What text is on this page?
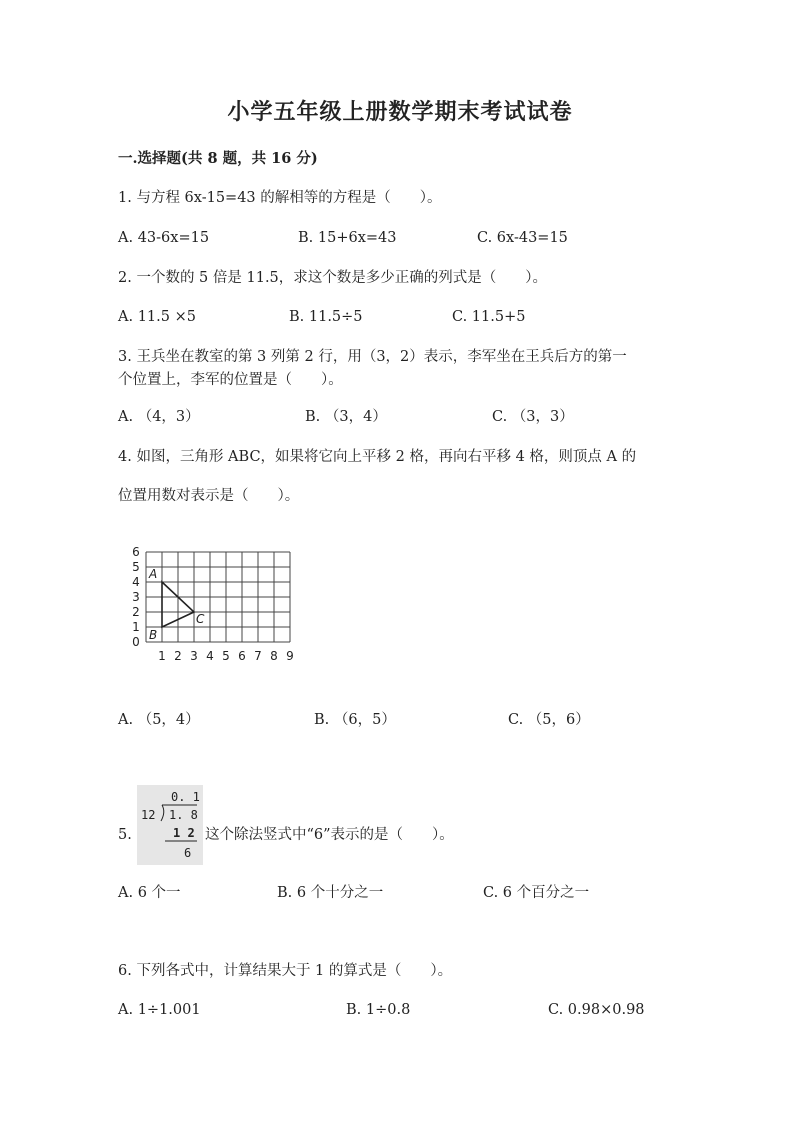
小学五年级上册数学期末考试试卷
一.选择题(共 8 题，共 16 分)
1. 与方程 6x-15=43 的解相等的方程是（　　）。
A. 43-6x=15	B. 15+6x=43	C. 6x-43=15
2. 一个数的 5 倍是 11.5，求这个数是多少正确的列式是（　　）。
A. 11.5 ×5	B. 11.5÷5	C. 11.5+5
3. 王兵坐在教室的第 3 列第 2 行，用（3，2）表示，李军坐在王兵后方的第一
个位置上，李军的位置是（　　）。
A. （4，3）	B. （3，4）	C. （3，3）
4. 如图，三角形 ABC，如果将它向上平移 2 格，再向右平移 4 格，则顶点 A 的
位置用数对表示是（　　）。
0
1
2
3
4
5
6
1 2 3 4 5 6 7 8 9
A
B
C
A. （5，4）	B. （6，5）	C. （5，6）
5.
0. 1
12 1. 8
1 2
6
这个除法竖式中“6”表示的是（　　）。
A. 6 个一	B. 6 个十分之一	C. 6 个百分之一
6. 下列各式中，计算结果大于 1 的算式是（　　）。
A. 1÷1.001	B. 1÷0.8	C. 0.98×0.98
